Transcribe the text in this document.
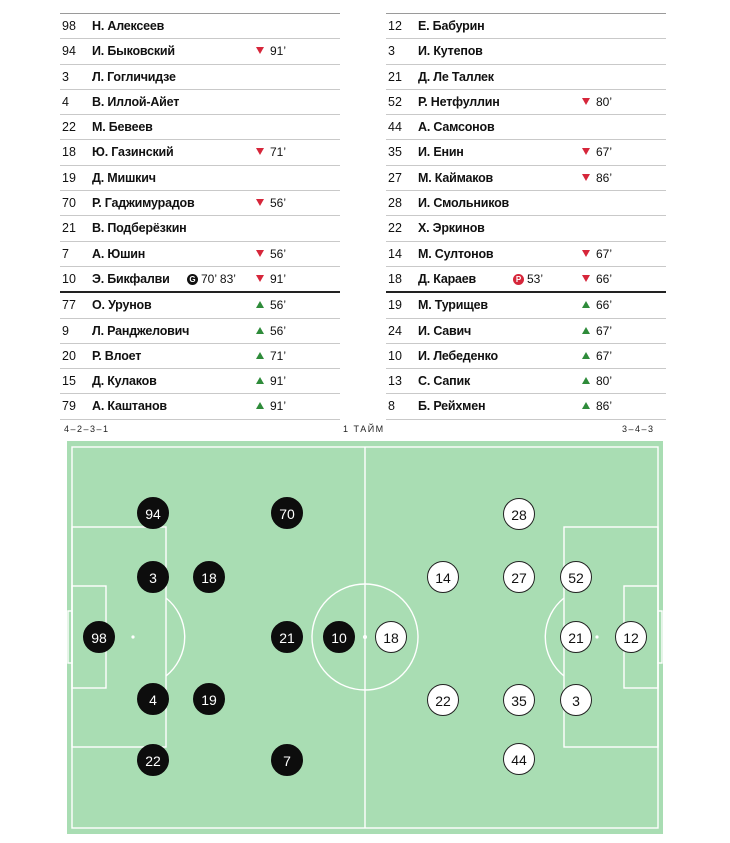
98	Н. Алексеев
94	И. Быковский	91’
3	Л. Гогличидзе
4	В. Иллой-Айет
22	М. Бевеев
18	Ю. Газинский	71’
19	Д. Мишкич
70	Р. Гаджимурадов	56’
21	В. Подберёзкин
7	А. Юшин	56’
10	Э. Бикфалви G 70’ 83’	91’
77	О. Урунов	56’
9	Л. Ранджелович	56’
20	Р. Влоет	71’
15	Д. Кулаков	91’
79	А. Каштанов	91’
12	Е. Бабурин
3	И. Кутепов
21	Д. Ле Таллек
52	Р. Нетфуллин	80’
44	А. Самсонов
35	И. Енин	67’
27	М. Каймаков	86’
28	И. Смольников
22	Х. Эркинов
14	М. Султонов	67’
18	Д. Караев	P 53’	66’
19	М. Турищев	66’
24	И. Савич	67’
10	И. Лебеденко	67’
13	С. Сапик	80’
8	Б. Рейхмен	86’
4–2–3–1	1 ТАЙМ	3–4–3
94	70
3	18
98	21	10
4	19
22	7
28
14	27	52
18	21	12
22	35	3
44
